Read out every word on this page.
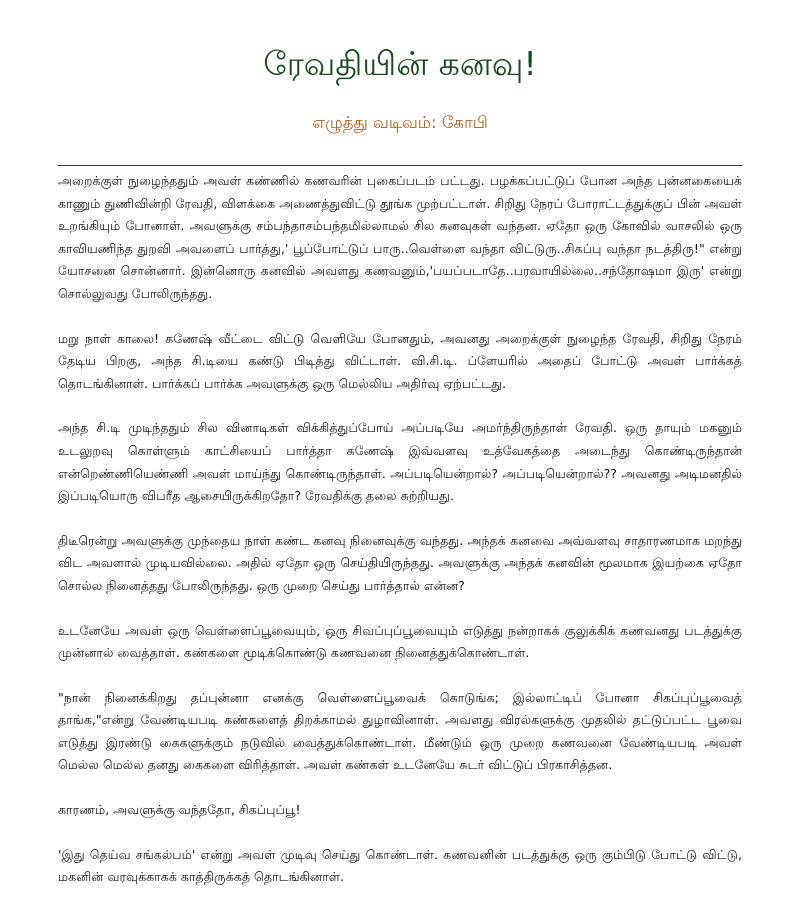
ரேவதியின் கனவு!
எழுத்து வடிவம்: கோபி

அறைக்குள் நுழைந்ததும் அவள் கண்ணில் கணவரின் புகைப்படம் பட்டது. பழக்கப்பட்டுப் போன அந்த புன்னகையைக் காணும் துணிவின்றி ரேவதி, விளக்கை அணைத்துவிட்டு தூங்க முற்பட்டாள். சிறிது நேரப் போராட்டத்துக்குப் பின் அவள் உறங்கியும் போனாள். அவளுக்கு சம்பந்தாசம்பந்தமில்லாமல் சில கனவுகள் வந்தன. ஏதோ ஒரு கோவில் வாசலில் ஒரு காவியணிந்த துறவி அவளைப் பார்த்து,' பூப்போட்டுப் பாரு..வெள்ளை வந்தா விட்டுரு..சிகப்பு வந்தா நடத்திரு!" என்று யோசனை சொன்னார். இன்னொரு கனவில் அவளது கணவனும்,'பயப்படாதே..பரவாயில்லை..சந்தோஷமா இரு' என்று சொல்லுவது போலிருந்தது.

மறு நாள் காலை! கணேஷ் வீட்டை விட்டு வெளியே போனதும், அவனது அறைக்குள் நுழைந்த ரேவதி, சிறிது நேரம் தேடிய பிறகு, அந்த சி.டியை கண்டு பிடித்து விட்டாள். வி.சி.டி. ப்ளேயரில் அதைப் போட்டு அவள் பார்க்கத் தொடங்கினாள். பார்க்கப் பார்க்க அவளுக்கு ஒரு மெல்லிய அதிர்வு ஏற்பட்டது.

அந்த சி.டி முடிந்ததும் சில வினாடிகள் விக்கித்துப்போய் அப்படியே அமர்ந்திருந்தாள் ரேவதி. ஒரு தாயும் மகனும் உடலுறவு கொள்ளும் காட்சியைப் பார்த்தா கணேஷ் இவ்வளவு உத்வேகத்தை அடைந்து கொண்டிருந்தான் என்றெண்ணியெண்ணி அவள் மாய்ந்து கொண்டிருந்தாள். அப்படியென்றால்? அப்படியென்றால்?? அவனது அடிமனதில் இப்படியொரு விபரீத ஆசையிருக்கிறதோ? ரேவதிக்கு தலை சுற்றியது.

திடீரென்று அவளுக்கு முந்தைய நாள் கண்ட கனவு நினைவுக்கு வந்தது. அந்தக் கனவை அவ்வளவு சாதாரணமாக மறந்து விட அவளால் முடியவில்லை. அதில் ஏதோ ஒரு செய்தியிருந்தது. அவளுக்கு அந்தக் கனவின் மூலமாக இயற்கை ஏதோ சொல்ல நினைத்தது போலிருந்தது. ஒரு முறை செய்து பார்த்தால் என்ன?

உடனேயே அவள் ஒரு வெள்ளைப்பூவையும், ஒரு சிவப்புப்பூவையும் எடுத்து நன்றாகக் குலுக்கிக் கணவனது படத்துக்கு முன்னால் வைத்தாள். கண்களை மூடிக்கொண்டு கணவனை நினைத்துக்கொண்டாள்.

"நான் நினைக்கிறது தப்புன்னா எனக்கு வெள்ளைப்பூவைக் கொடுங்க; இல்லாட்டிப் போனா சிகப்புப்பூவைத் தாங்க,"என்று வேண்டியபடி கண்களைத் திறக்காமல் துழாவினாள். அவளது விரல்களுக்கு முதலில் தட்டுப்பட்ட பூவை எடுத்து இரண்டு கைகளுக்கும் நடுவில் வைத்துக்கொண்டாள். மீண்டும் ஒரு முறை கணவனை வேண்டியபடி அவள் மெல்ல மெல்ல தனது கைகளை விரித்தாள். அவள் கண்கள் உடனேயே சுடர் விட்டுப் பிரகாசித்தன.

காரணம், அவளுக்கு வந்ததோ, சிகப்புப்பூ!

'இது தெய்வ சங்கல்பம்' என்று அவள் முடிவு செய்து கொண்டாள். கணவனின் படத்துக்கு ஒரு கும்பிடு போட்டு விட்டு, மகனின் வரவுக்காகக் காத்திருக்கத் தொடங்கினாள்.
